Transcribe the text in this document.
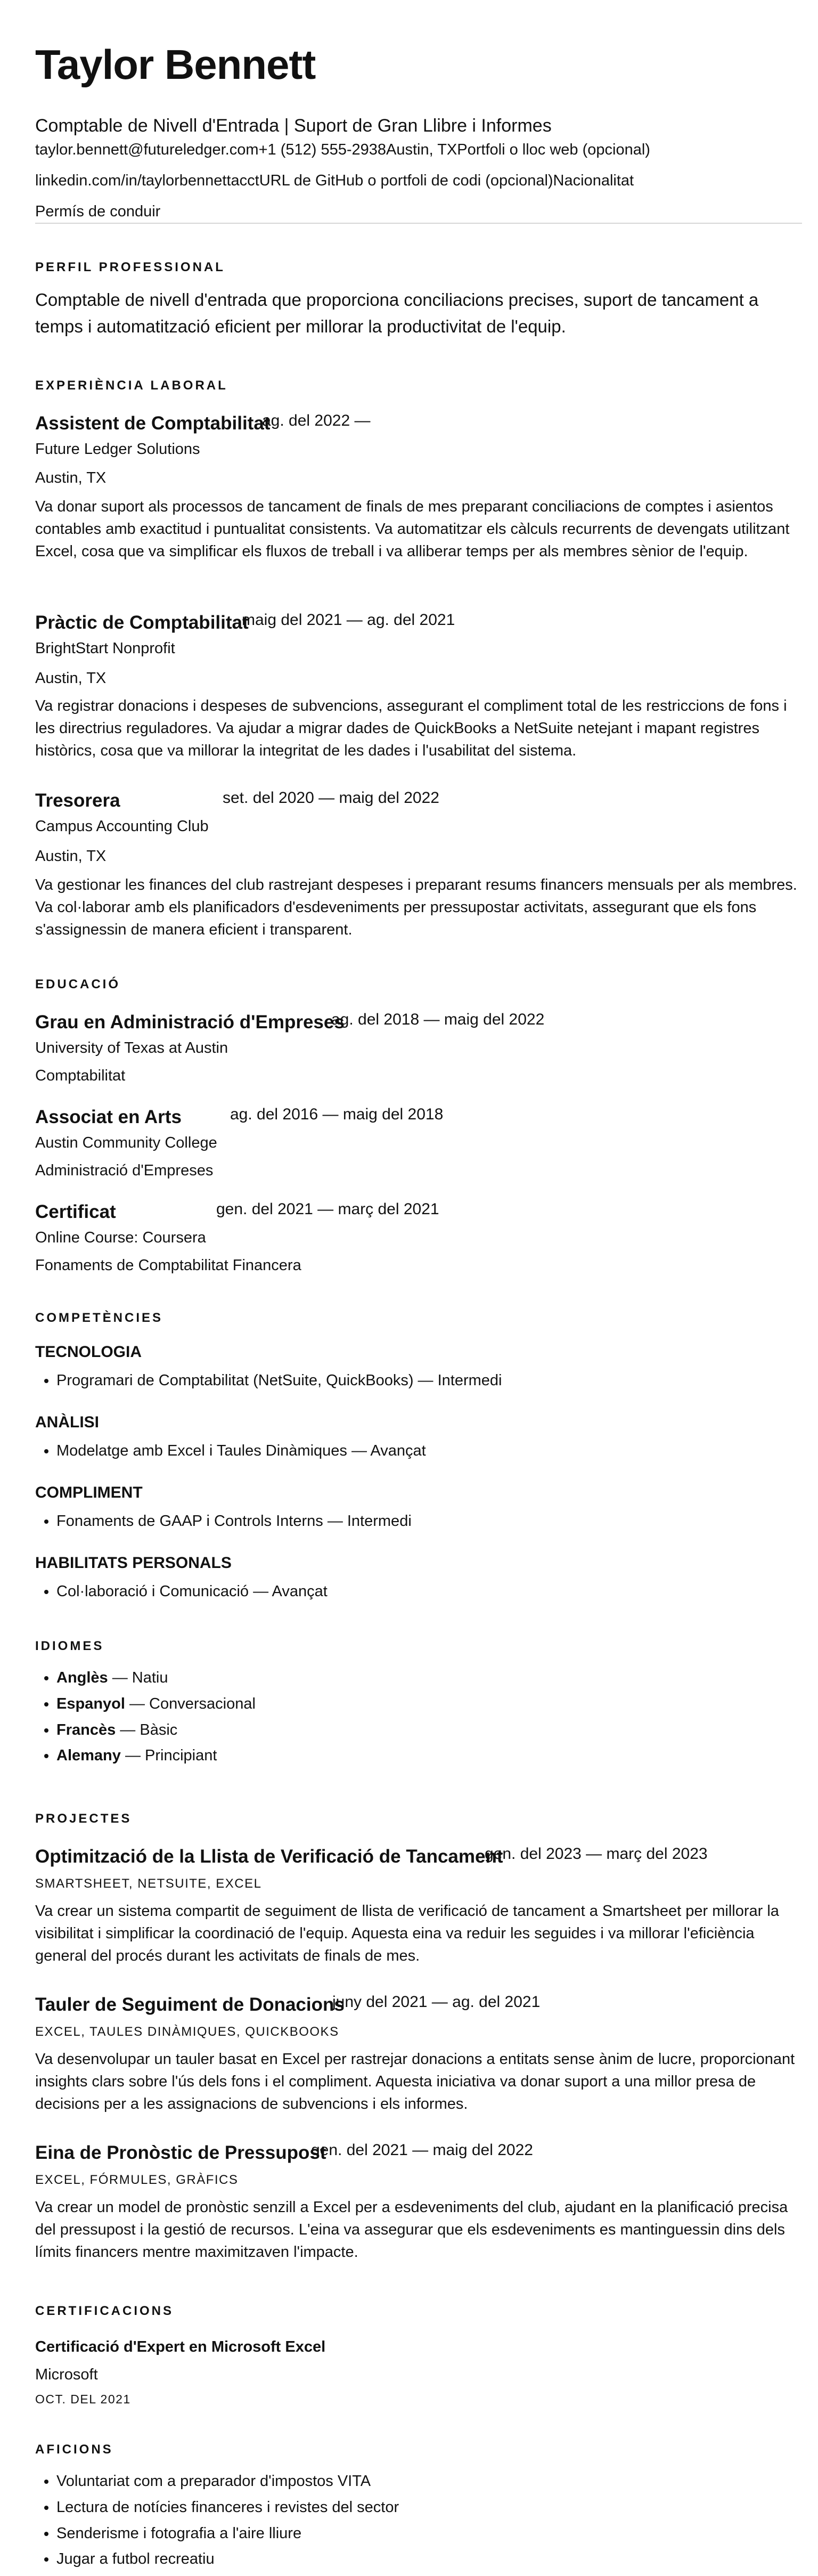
Taylor Bennett
Comptable de Nivell d'Entrada | Suport de Gran Llibre i Informes
taylor.bennett@futureledger.com+1 (512) 555-2938Austin, TXPortfoli o lloc web (opcional)
linkedin.com/in/taylorbennettacctURL de GitHub o portfoli de codi (opcional)Nacionalitat
Permís de conduir
PERFIL PROFESSIONAL
Comptable de nivell d'entrada que proporciona conciliacions precises, suport de tancament a temps i automatització eficient per millorar la productivitat de l'equip.
EXPERIÈNCIA LABORAL
Assistent de Comptabilitat
ag. del 2022 —
Future Ledger Solutions
Austin, TX
Va donar suport als processos de tancament de finals de mes preparant conciliacions de comptes i asientos contables amb exactitud i puntualitat consistents. Va automatitzar els càlculs recurrents de devengats utilitzant Excel, cosa que va simplificar els fluxos de treball i va alliberar temps per als membres sènior de l'equip.
Pràctic de Comptabilitat
maig del 2021 — ag. del 2021
BrightStart Nonprofit
Austin, TX
Va registrar donacions i despeses de subvencions, assegurant el compliment total de les restriccions de fons i les directrius reguladores. Va ajudar a migrar dades de QuickBooks a NetSuite netejant i mapant registres històrics, cosa que va millorar la integritat de les dades i l'usabilitat del sistema.
Tresorera	set. del 2020 — maig del 2022
Campus Accounting Club
Austin, TX
Va gestionar les finances del club rastrejant despeses i preparant resums financers mensuals per als membres. Va col·laborar amb els planificadors d'esdeveniments per pressupostar activitats, assegurant que els fons s'assignessin de manera eficient i transparent.
EDUCACIÓ
Grau en Administració d'Empreses
ag. del 2018 — maig del 2022
University of Texas at Austin
Comptabilitat
Associat en Arts	ag. del 2016 — maig del 2018
Austin Community College
Administració d'Empreses
Certificat	gen. del 2021 — març del 2021
Online Course: Coursera
Fonaments de Comptabilitat Financera
COMPETÈNCIES
TECNOLOGIA
• Programari de Comptabilitat (NetSuite, QuickBooks) — Intermedi
ANÀLISI
• Modelatge amb Excel i Taules Dinàmiques — Avançat
COMPLIMENT
• Fonaments de GAAP i Controls Interns — Intermedi
HABILITATS PERSONALS
• Col·laboració i Comunicació — Avançat
IDIOMES
• Anglès — Natiu
• Espanyol — Conversacional
• Francès — Bàsic
• Alemany — Principiant
PROJECTES
Optimització de la Llista de Verificació de Tancament
gen. del 2023 — març del 2023
SMARTSHEET, NETSUITE, EXCEL
Va crear un sistema compartit de seguiment de llista de verificació de tancament a Smartsheet per millorar la visibilitat i simplificar la coordinació de l'equip. Aquesta eina va reduir les seguides i va millorar l'eficiència general del procés durant les activitats de finals de mes.
Tauler de Seguiment de Donacions
juny del 2021 — ag. del 2021
EXCEL, TAULES DINÀMIQUES, QUICKBOOKS
Va desenvolupar un tauler basat en Excel per rastrejar donacions a entitats sense ànim de lucre, proporcionant insights clars sobre l'ús dels fons i el compliment. Aquesta iniciativa va donar suport a una millor presa de decisions per a les assignacions de subvencions i els informes.
Eina de Pronòstic de Pressupost
gen. del 2021 — maig del 2022
EXCEL, FÓRMULES, GRÀFICS
Va crear un model de pronòstic senzill a Excel per a esdeveniments del club, ajudant en la planificació precisa del pressupost i la gestió de recursos. L'eina va assegurar que els esdeveniments es mantinguessin dins dels límits financers mentre maximitzaven l'impacte.
CERTIFICACIONS
Certificació d'Expert en Microsoft Excel
Microsoft
OCT. DEL 2021
AFICIONS
• Voluntariat com a preparador d'impostos VITA
• Lectura de notícies financeres i revistes del sector
• Senderisme i fotografia a l'aire lliure
• Jugar a futbol recreatiu
